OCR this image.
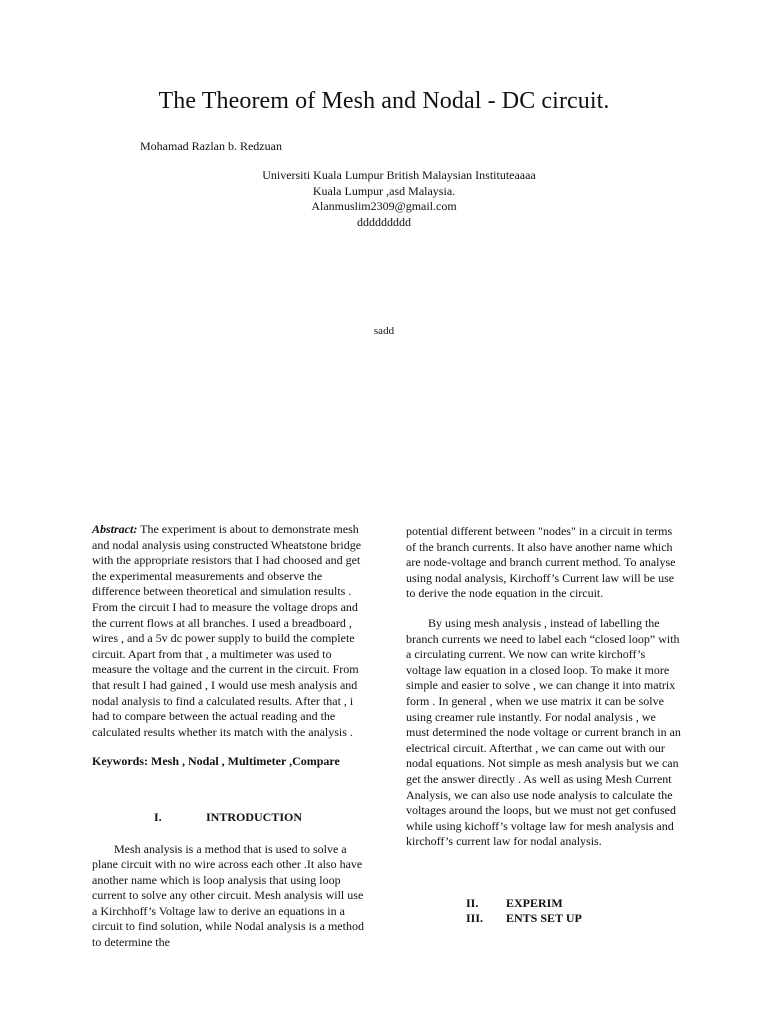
The Theorem of Mesh and Nodal - DC circuit.
Mohamad Razlan b. Redzuan
Universiti Kuala Lumpur British Malaysian Instituteaaaa
Kuala Lumpur ,asd Malaysia.
Alanmuslim2309@gmail.com
ddddddddd
sadd

Abstract: The experiment is about to demonstrate mesh and nodal analysis using constructed Wheatstone bridge with the appropriate resistors that I had choosed and get the experimental measurements and observe the difference between theoretical and simulation results . From the circuit I had to measure the voltage drops and the current flows at all branches. I used a breadboard , wires , and a 5v dc power supply to build the complete circuit. Apart from that , a multimeter was used to measure the voltage and the current in the circuit. From that result I had gained , I would use mesh analysis and nodal analysis to find a calculated results. After that , i had to compare between the actual reading and the calculated results whether its match with the analysis .

Keywords: Mesh , Nodal , Multimeter ,Compare

I.	INTRODUCTION

Mesh analysis is a method that is used to solve a plane circuit with no wire across each other .It also have another name which is loop analysis that using loop current to solve any other circuit. Mesh analysis will use a Kirchhoff’s Voltage law to derive an equations in a circuit to find solution, while Nodal analysis is a method to determine the

potential different between "nodes" in a circuit in terms of the branch currents. It also have another name which are node-voltage and branch current method. To analyse using nodal analysis, Kirchoff’s Current law will be use to derive the node equation in the circuit.

By using mesh analysis , instead of labelling the branch currents we need to label each “closed loop” with a circulating current. We now can write kirchoff’s voltage law equation in a closed loop. To make it more simple and easier to solve , we can change it into matrix form . In general , when we use matrix it can be solve using creamer rule instantly. For nodal analysis , we must determined the node voltage or current branch in an electrical circuit. Afterthat , we can came out with our nodal equations. Not simple as mesh analysis but we can get the answer directly . As well as using Mesh Current Analysis, we can also use node analysis to calculate the voltages around the loops, but we must not get confused while using kichoff’s voltage law for mesh analysis and kirchoff’s current law for nodal analysis.

II. EXPERIM
III. ENTS SET UP
